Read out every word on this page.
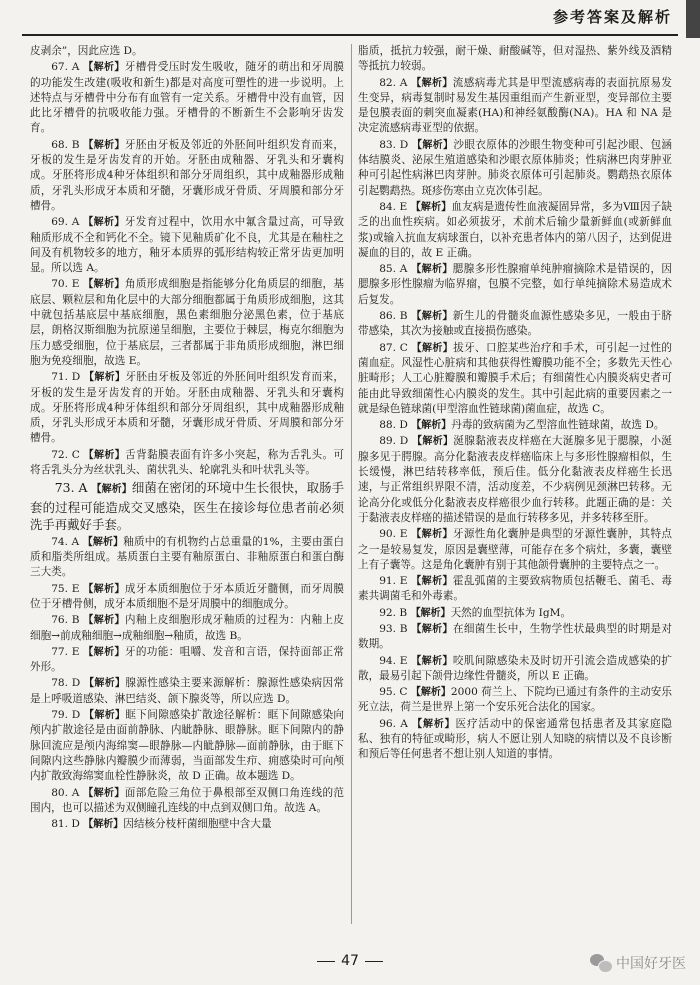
参考答案及解析

皮剥余”，因此应选 D。

67. A 【解析】牙槽骨受压时发生吸收，随牙的萌出和牙周膜的功能发生改建(吸收和新生)都是对高度可塑性的进一步说明。上述特点与牙槽骨中分布有血管有一定关系。牙槽骨中没有血管，因此比牙槽骨的抗吸收能力强。牙槽骨的不断新生不会影响牙齿发育。

68. B 【解析】牙胚由牙板及邻近的外胚间叶组织发育而来，牙板的发生是牙齿发育的开始。牙胚由成釉器、牙乳头和牙囊构成。牙胚将形成4种牙体组织和部分牙周组织，其中成釉器形成釉质，牙乳头形成牙本质和牙髓，牙囊形成牙骨质、牙周膜和部分牙槽骨。

69. A 【解析】牙发育过程中，饮用水中氟含量过高，可导致釉质形成不全和钙化不全。镜下见釉质矿化不良，尤其是在釉柱之间及有机物较多的地方，釉牙本质界的弧形结构较正常牙齿更加明显。所以选 A。

70. E 【解析】角质形成细胞是指能够分化角质层的细胞，基底层、颗粒层和角化层中的大部分细胞都属于角质形成细胞，这其中就包括基底层中基底细胞，黑色素细胞分泌黑色素，位于基底层，朗格汉斯细胞为抗原递呈细胞，主要位于棘层，梅克尔细胞为压力感受细胞，位于基底层，三者都属于非角质形成细胞，淋巴细胞为免疫细胞，故选 E。

71. D 【解析】牙胚由牙板及邻近的外胚间叶组织发育而来，牙板的发生是牙齿发育的开始。牙胚由成釉器、牙乳头和牙囊构成。牙胚将形成4种牙体组织和部分牙周组织，其中成釉器形成釉质，牙乳头形成牙本质和牙髓，牙囊形成牙骨质、牙周膜和部分牙槽骨。

72. C 【解析】舌背黏膜表面有许多小突起，称为舌乳头。可将舌乳头分为丝状乳头、菌状乳头、轮廓乳头和叶状乳头等。

73. A 【解析】细菌在密闭的环境中生长很快，取肠手套的过程可能造成交叉感染，医生在接诊每位患者前必须洗手再戴好手套。

74. A 【解析】釉质中的有机物约占总重量的1%，主要由蛋白质和脂类所组成。基质蛋白主要有釉原蛋白、非釉原蛋白和蛋白酶三大类。

75. E 【解析】成牙本质细胞位于牙本质近牙髓侧，而牙周膜位于牙槽骨侧，成牙本质细胞不是牙周膜中的细胞成分。

76. B 【解析】内釉上皮细胞形成牙釉质的过程为：内釉上皮细胞→前成釉细胞→成釉细胞→釉质，故选 B。

77. E 【解析】牙的功能：咀嚼、发音和言语，保持面部正常外形。

78. D 【解析】腺源性感染主要来源解析：腺源性感染病因常是上呼吸道感染、淋巴结炎、颌下腺炎等，所以应选 D。

79. D 【解析】眶下间隙感染扩散途径解析：眶下间隙感染向颅内扩散途径是由面前静脉、内眦静脉、眼静脉。眶下间隙内的静脉回流应是颅内海绵窦—眼静脉—内眦静脉—面前静脉，由于眶下间隙内这些静脉内瓣膜少而薄弱，当面部发生疖、痈感染时可向颅内扩散致海绵窦血栓性静脉炎，故 D 正确。故本题选 D。

80. A 【解析】面部危险三角位于鼻根部至双侧口角连线的范围内，也可以描述为双侧瞳孔连线的中点到双侧口角。故选 A。

81. D 【解析】因结核分枝杆菌细胞壁中含大量

脂质，抵抗力较强，耐干燥、耐酸碱等，但对湿热、紫外线及酒精等抵抗力较弱。

82. A 【解析】流感病毒尤其是甲型流感病毒的表面抗原易发生变异，病毒复制时易发生基因重组而产生新亚型，变异部位主要是包膜表面的刺突血凝素(HA)和神经氨酸酶(NA)。HA 和 NA 是决定流感病毒亚型的依据。

83. D 【解析】沙眼衣原体的沙眼生物变种可引起沙眼、包涵体结膜炎、泌尿生殖道感染和沙眼衣原体肺炎；性病淋巴肉芽肿亚种可引起性病淋巴肉芽肿。肺炎衣原体可引起肺炎。鹦鹉热衣原体引起鹦鹉热。斑疹伤寒由立克次体引起。

84. E 【解析】血友病是遗传性血液凝固异常，多为Ⅷ因子缺乏的出血性疾病。如必须拔牙，术前术后输少量新鲜血(或新鲜血浆)或输入抗血友病球蛋白，以补充患者体内的第八因子，达到促进凝血的目的，故 E 正确。

85. A 【解析】腮腺多形性腺瘤单纯肿瘤摘除术是错误的，因腮腺多形性腺瘤为临界瘤，包膜不完整，如行单纯摘除术易造成术后复发。

86. B 【解析】新生儿的骨髓炎血源性感染多见，一般由于脐带感染，其次为接触或直接损伤感染。

87. C 【解析】拔牙、口腔某些治疗和手术，可引起一过性的菌血症。风湿性心脏病和其他获得性瓣膜功能不全；多数先天性心脏畸形；人工心脏瓣膜和瓣膜手术后；有细菌性心内膜炎病史者可能由此导致细菌性心内膜炎的发生。其中引起此病的重要因素之一就是绿色链球菌(甲型溶血性链球菌)菌血症，故选 C。

88. D 【解析】丹毒的致病菌为乙型溶血性链球菌，故选 D。

89. D 【解析】涎腺黏液表皮样癌在大涎腺多见于腮腺，小涎腺多见于腭腺。高分化黏液表皮样癌临床上与多形性腺瘤相似，生长缓慢，淋巴结转移率低，预后佳。低分化黏液表皮样癌生长迅速，与正常组织界限不清，活动度差，不少病例见颈淋巴转移。无论高分化或低分化黏液表皮样癌很少血行转移。此题正确的是：关于黏液表皮样癌的描述错误的是血行转移多见，并多转移至肝。

90. E 【解析】牙源性角化囊肿是典型的牙源性囊肿，其特点之一是较易复发，原因是囊壁薄，可能存在多个病灶，多囊，囊壁上有子囊等。这是角化囊肿有别于其他颌骨囊肿的主要特点之一。

91. E 【解析】霍乱弧菌的主要致病物质包括鞭毛、菌毛、毒素共调菌毛和外毒素。

92. B 【解析】天然的血型抗体为 IgM。

93. B 【解析】在细菌生长中，生物学性状最典型的时期是对数期。

94. E 【解析】咬肌间隙感染未及时切开引流会造成感染的扩散，最易引起下颌骨边缘性骨髓炎，所以 E 正确。

95. C 【解析】2000 荷兰上、下院均已通过有条件的主动安乐死立法，荷兰是世界上第一个安乐死合法化的国家。

96. A 【解析】医疗活动中的保密通常包括患者及其家庭隐私、独有的特征或畸形，病人不愿让别人知晓的病情以及不良诊断和预后等任何患者不想让别人知道的事情。

47	中国好牙医
